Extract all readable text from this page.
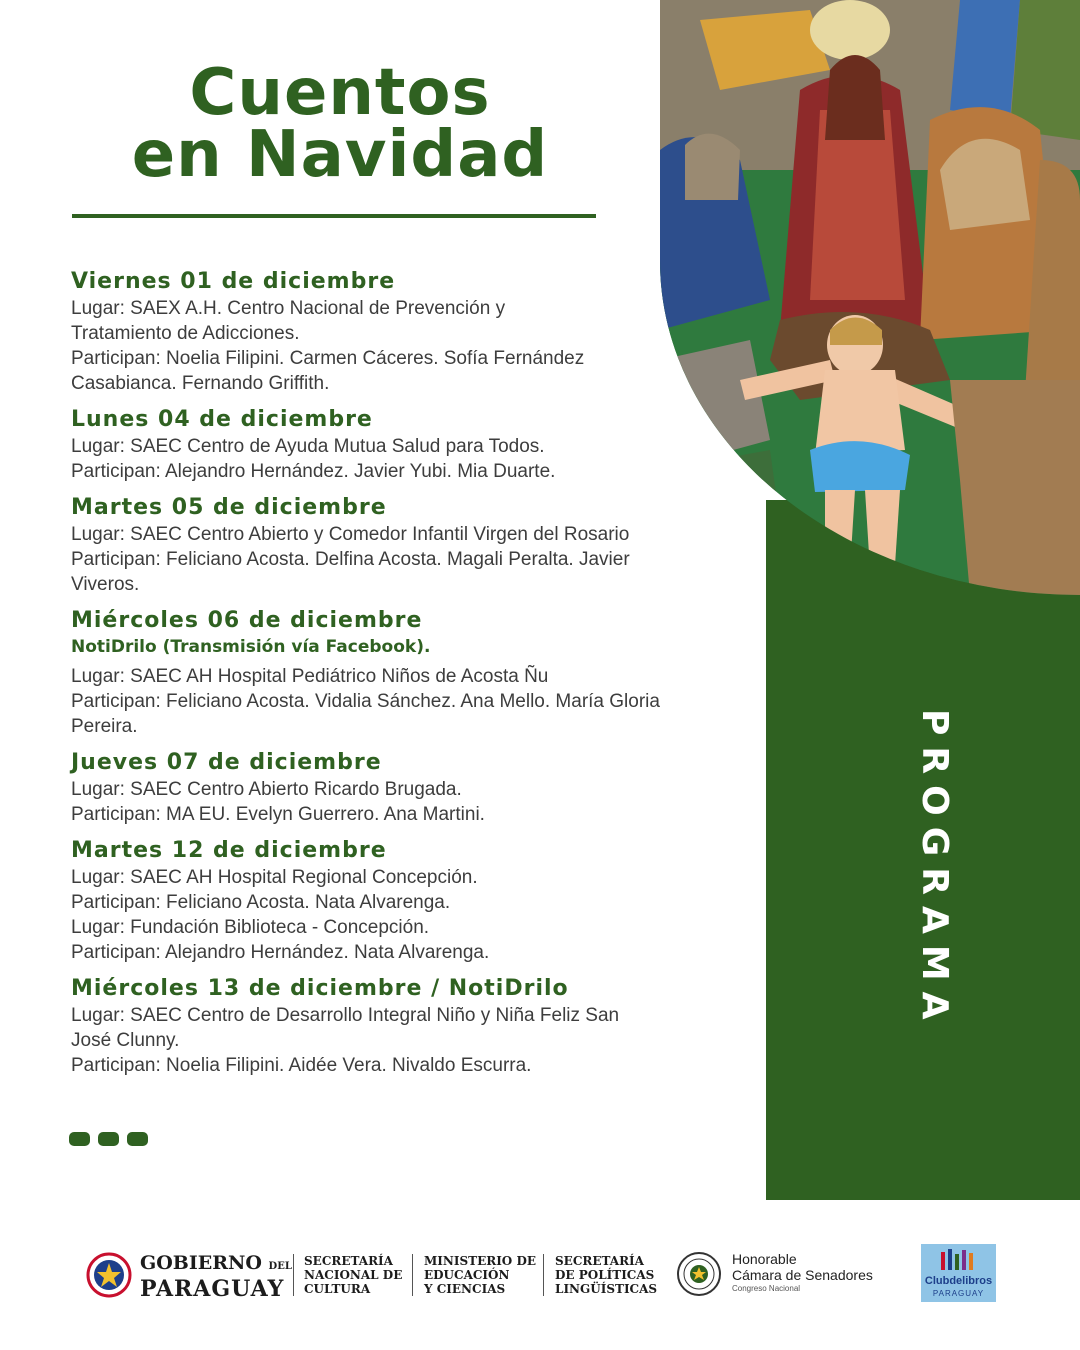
Cuentos
en Navidad
Viernes 01 de diciembre
Lugar: SAEX A.H. Centro Nacional de Prevención y
Tratamiento de Adicciones.
Participan: Noelia Filipini. Carmen Cáceres. Sofía Fernández
Casabianca. Fernando Griffith.
Lunes 04 de diciembre
Lugar: SAEC Centro de Ayuda Mutua Salud para Todos.
Participan: Alejandro Hernández. Javier Yubi. Mia Duarte.
Martes 05 de diciembre
Lugar: SAEC Centro Abierto y Comedor Infantil Virgen del Rosario
Participan: Feliciano Acosta. Delfina Acosta. Magali Peralta. Javier
Viveros.
Miércoles 06 de diciembre
NotiDrilo (Transmisión vía Facebook).
Lugar: SAEC AH Hospital Pediátrico Niños de Acosta Ñu
Participan: Feliciano Acosta. Vidalia Sánchez. Ana Mello. María Gloria
Pereira.
Jueves 07 de diciembre
Lugar: SAEC Centro Abierto Ricardo Brugada.
Participan: MA EU. Evelyn Guerrero. Ana Martini.
Martes 12 de diciembre
Lugar: SAEC AH Hospital Regional Concepción.
Participan: Feliciano Acosta. Nata Alvarenga.
Lugar: Fundación Biblioteca - Concepción.
Participan: Alejandro Hernández. Nata Alvarenga.
Miércoles 13 de diciembre / NotiDrilo
Lugar: SAEC Centro de Desarrollo Integral Niño y Niña Feliz San
José Clunny.
Participan: Noelia Filipini. Aidée Vera. Nivaldo Escurra.
PROGRAMA
GOBIERNO DEL
PARAGUAY
SECRETARÍA
NACIONAL DE
CULTURA
MINISTERIO DE
EDUCACIÓN
Y CIENCIAS
SECRETARÍA
DE POLÍTICAS
LINGÜÍSTICAS
Honorable
Cámara de Senadores
Congreso Nacional
Clubdelibros
PARAGUAY
